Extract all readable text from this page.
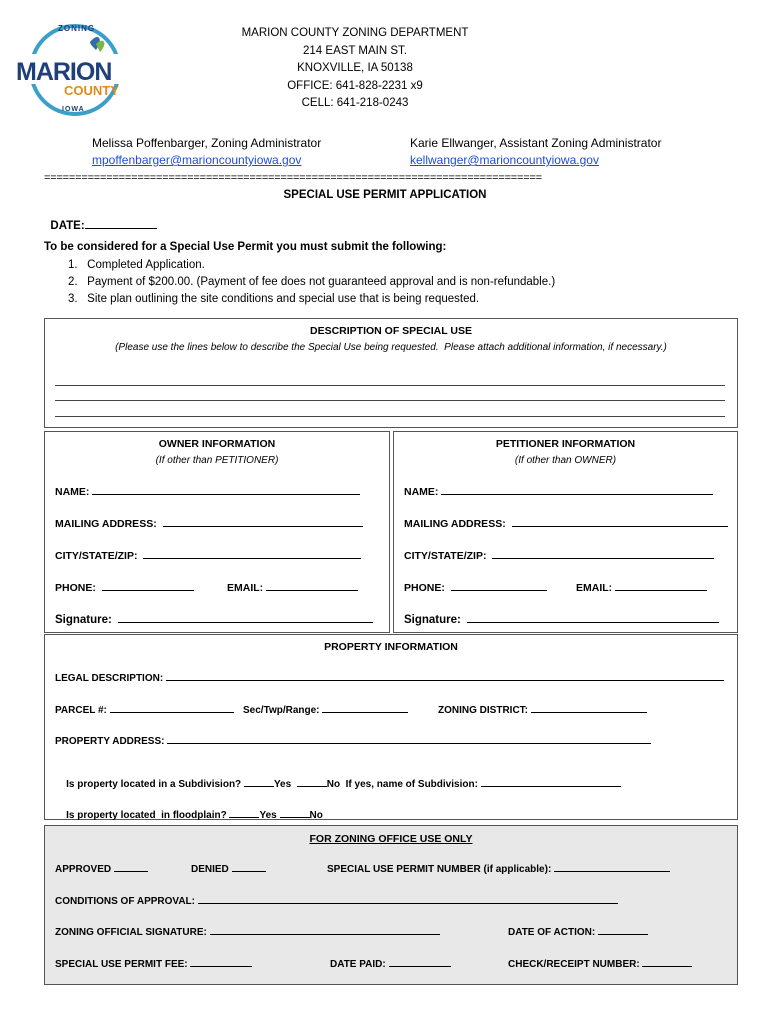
ZONING
MARION
COUNTY
IOWA
MARION COUNTY ZONING DEPARTMENT
214 EAST MAIN ST.
KNOXVILLE, IA 50138
OFFICE: 641-828-2231 x9
CELL: 641-218-0243
Melissa Poffenbarger, Zoning Administrator
mpoffenbarger@marioncountyiowa.gov
Karie Ellwanger, Assistant Zoning Administrator
kellwanger@marioncountyiowa.gov
================================================================================
SPECIAL USE PERMIT APPLICATION

DATE:

To be considered for a Special Use Permit you must submit the following:
1.   Completed Application.
2.   Payment of $200.00. (Payment of fee does not guaranteed approval and is non-refundable.)
3.   Site plan outlining the site conditions and special use that is being requested.
DESCRIPTION OF SPECIAL USE
(Please use the lines below to describe the Special Use being requested.  Please attach additional information, if necessary.)
OWNER INFORMATION
(If other than PETITIONER)
NAME:
MAILING ADDRESS:
CITY/STATE/ZIP:
PHONE:	EMAIL:
Signature:
PETITIONER INFORMATION
(If other than OWNER)
NAME:
MAILING ADDRESS:
CITY/STATE/ZIP:
PHONE:	EMAIL:
Signature:
PROPERTY INFORMATION
LEGAL DESCRIPTION:
PARCEL #:	Sec/Twp/Range:	ZONING DISTRICT:
PROPERTY ADDRESS:

Is property located in a Subdivision?	Yes	No If yes, name of Subdivision:

Is property located  in floodplain?	Yes	No

FOR ZONING OFFICE USE ONLY
APPROVED	DENIED	SPECIAL USE PERMIT NUMBER (if applicable):
CONDITIONS OF APPROVAL:
ZONING OFFICIAL SIGNATURE:	DATE OF ACTION:
SPECIAL USE PERMIT FEE:	DATE PAID:	CHECK/RECEIPT NUMBER:
